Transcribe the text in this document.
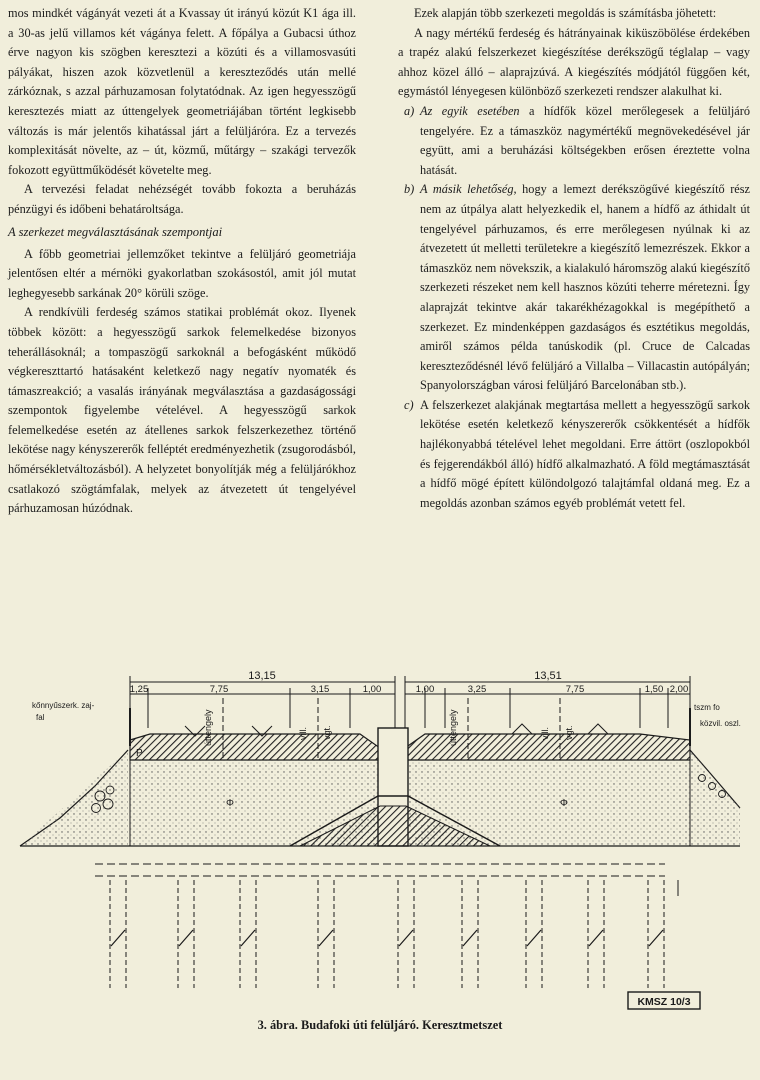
mos mindkét vágányát vezeti át a Kvassay út irányú közút K1 ága ill. a 30-as jelű villamos két vágánya felett. A főpálya a Gubacsi úthoz érve nagyon kis szögben keresztezi a közúti és a villamosvasúti pályákat, hiszen azok közvetlenül a kereszteződés után mellé zárkóznak, s azzal párhuzamosan folytatódnak. Az igen hegyesszögű keresztezés miatt az úttengelyek geometriájában történt legkisebb változás is már jelentős kihatással járt a felüljáróra. Ez a tervezés komplexitását növelte, az – út, közmű, műtárgy – szakági tervezők fokozott együttműködését követelte meg.

A tervezési feladat nehézségét tovább fokozta a beruházás pénzügyi és időbeni behatároltsága.

A szerkezet megválasztásának szempontjai

A főbb geometriai jellemzőket tekintve a felüljáró geometriája jelentősen eltér a mérnöki gyakorlatban szokásostól, amit jól mutat leghegyesebb sarkának 20° körüli szöge.

A rendkívüli ferdeség számos statikai problémát okoz. Ilyenek többek között: a hegyesszögű sarkok felemelkedése bizonyos teherállásoknál; a tompaszögű sarkoknál a befogásként működő végkereszttartó hatásaként keletkező nagy negatív nyomaték és támaszreakció; a vasalás irányának megválasztása a gazdaságossági szempontok figyelembe vételével. A hegyesszögű sarkok felemelkedése esetén az átellenes sarkok felszerkezethez történő lekötése nagy kényszererők felléptét eredményezhetik (zsugorodásból, hőmérsékletváltozásból). A helyzetet bonyolítják még a felüljárókhoz csatlakozó szögtámfalak, melyek az átvezetett út tengelyével párhuzamosan húzódnak.

Ezek alapján több szerkezeti megoldás is számításba jöhetett:

A nagy mértékű ferdeség és hátrányainak kiküszöbölése érdekében a trapéz alakú felszerkezet kiegészítése derékszögű téglalap – vagy ahhoz közel álló – alaprajzúvá. A kiegészítés módjától függően két, egymástól lényegesen különböző szerkezeti rendszer alakulhat ki.

a) Az egyik esetében a hídfők közel merőlegesek a felüljáró tengelyére. Ez a támaszköz nagymértékű megnövekedésével jár együtt, ami a beruházási költségekben erősen éreztette volna hatását.
b) A másik lehetőség, hogy a lemezt derékszögűvé kiegészítő rész nem az útpálya alatt helyezkedik el, hanem a hídfő az áthidalt út tengelyével párhuzamos, és erre merőlegesen nyúlnak ki az átvezetett út melletti területekre a kiegészítő lemezrészek. Ekkor a támaszköz nem növekszik, a kialakuló háromszög alakú kiegészítő szerkezeti részeket nem kell hasznos közúti teherre méretezni. Így alaprajzát tekintve akár takarékhézagokkal is megépíthető a szerkezet. Ez mindenképpen gazdaságos és esztétikus megoldás, amiről számos példa tanúskodik (pl. Cruce de Calcadas kereszteződésnél lévő felüljáró a Villalba – Villacastin autópályán; Spanyolországban városi felüljáró Barcelonában stb.).
c) A felszerkezet alakjának megtartása mellett a hegyesszögű sarkok lekötése esetén keletkező kényszererők csökkentését a hídfők hajlékonyabbá tételével lehet megoldani. Erre áttört (oszlopokból és fejgerendákból álló) hídfő alkalmazható. A föld megtámasztását a hídfő mögé épített különdolgozó talajtámfal oldaná meg. Ez a megoldás azonban számos egyéb problémát vetett fel.
13,15	13,51
1,25	7,75	3,15	1,00	1,00	3,25	7,75	1,50 2,00
kőnnyűszerk. zaj-
fal
tszm fo
közvil. oszl.
úttengely	vill. vgt.	úttengely	vill. vgt.
P
Φ	Φ
KMSZ 10/3
3. ábra. Budafoki úti felüljáró. Keresztmetszet
